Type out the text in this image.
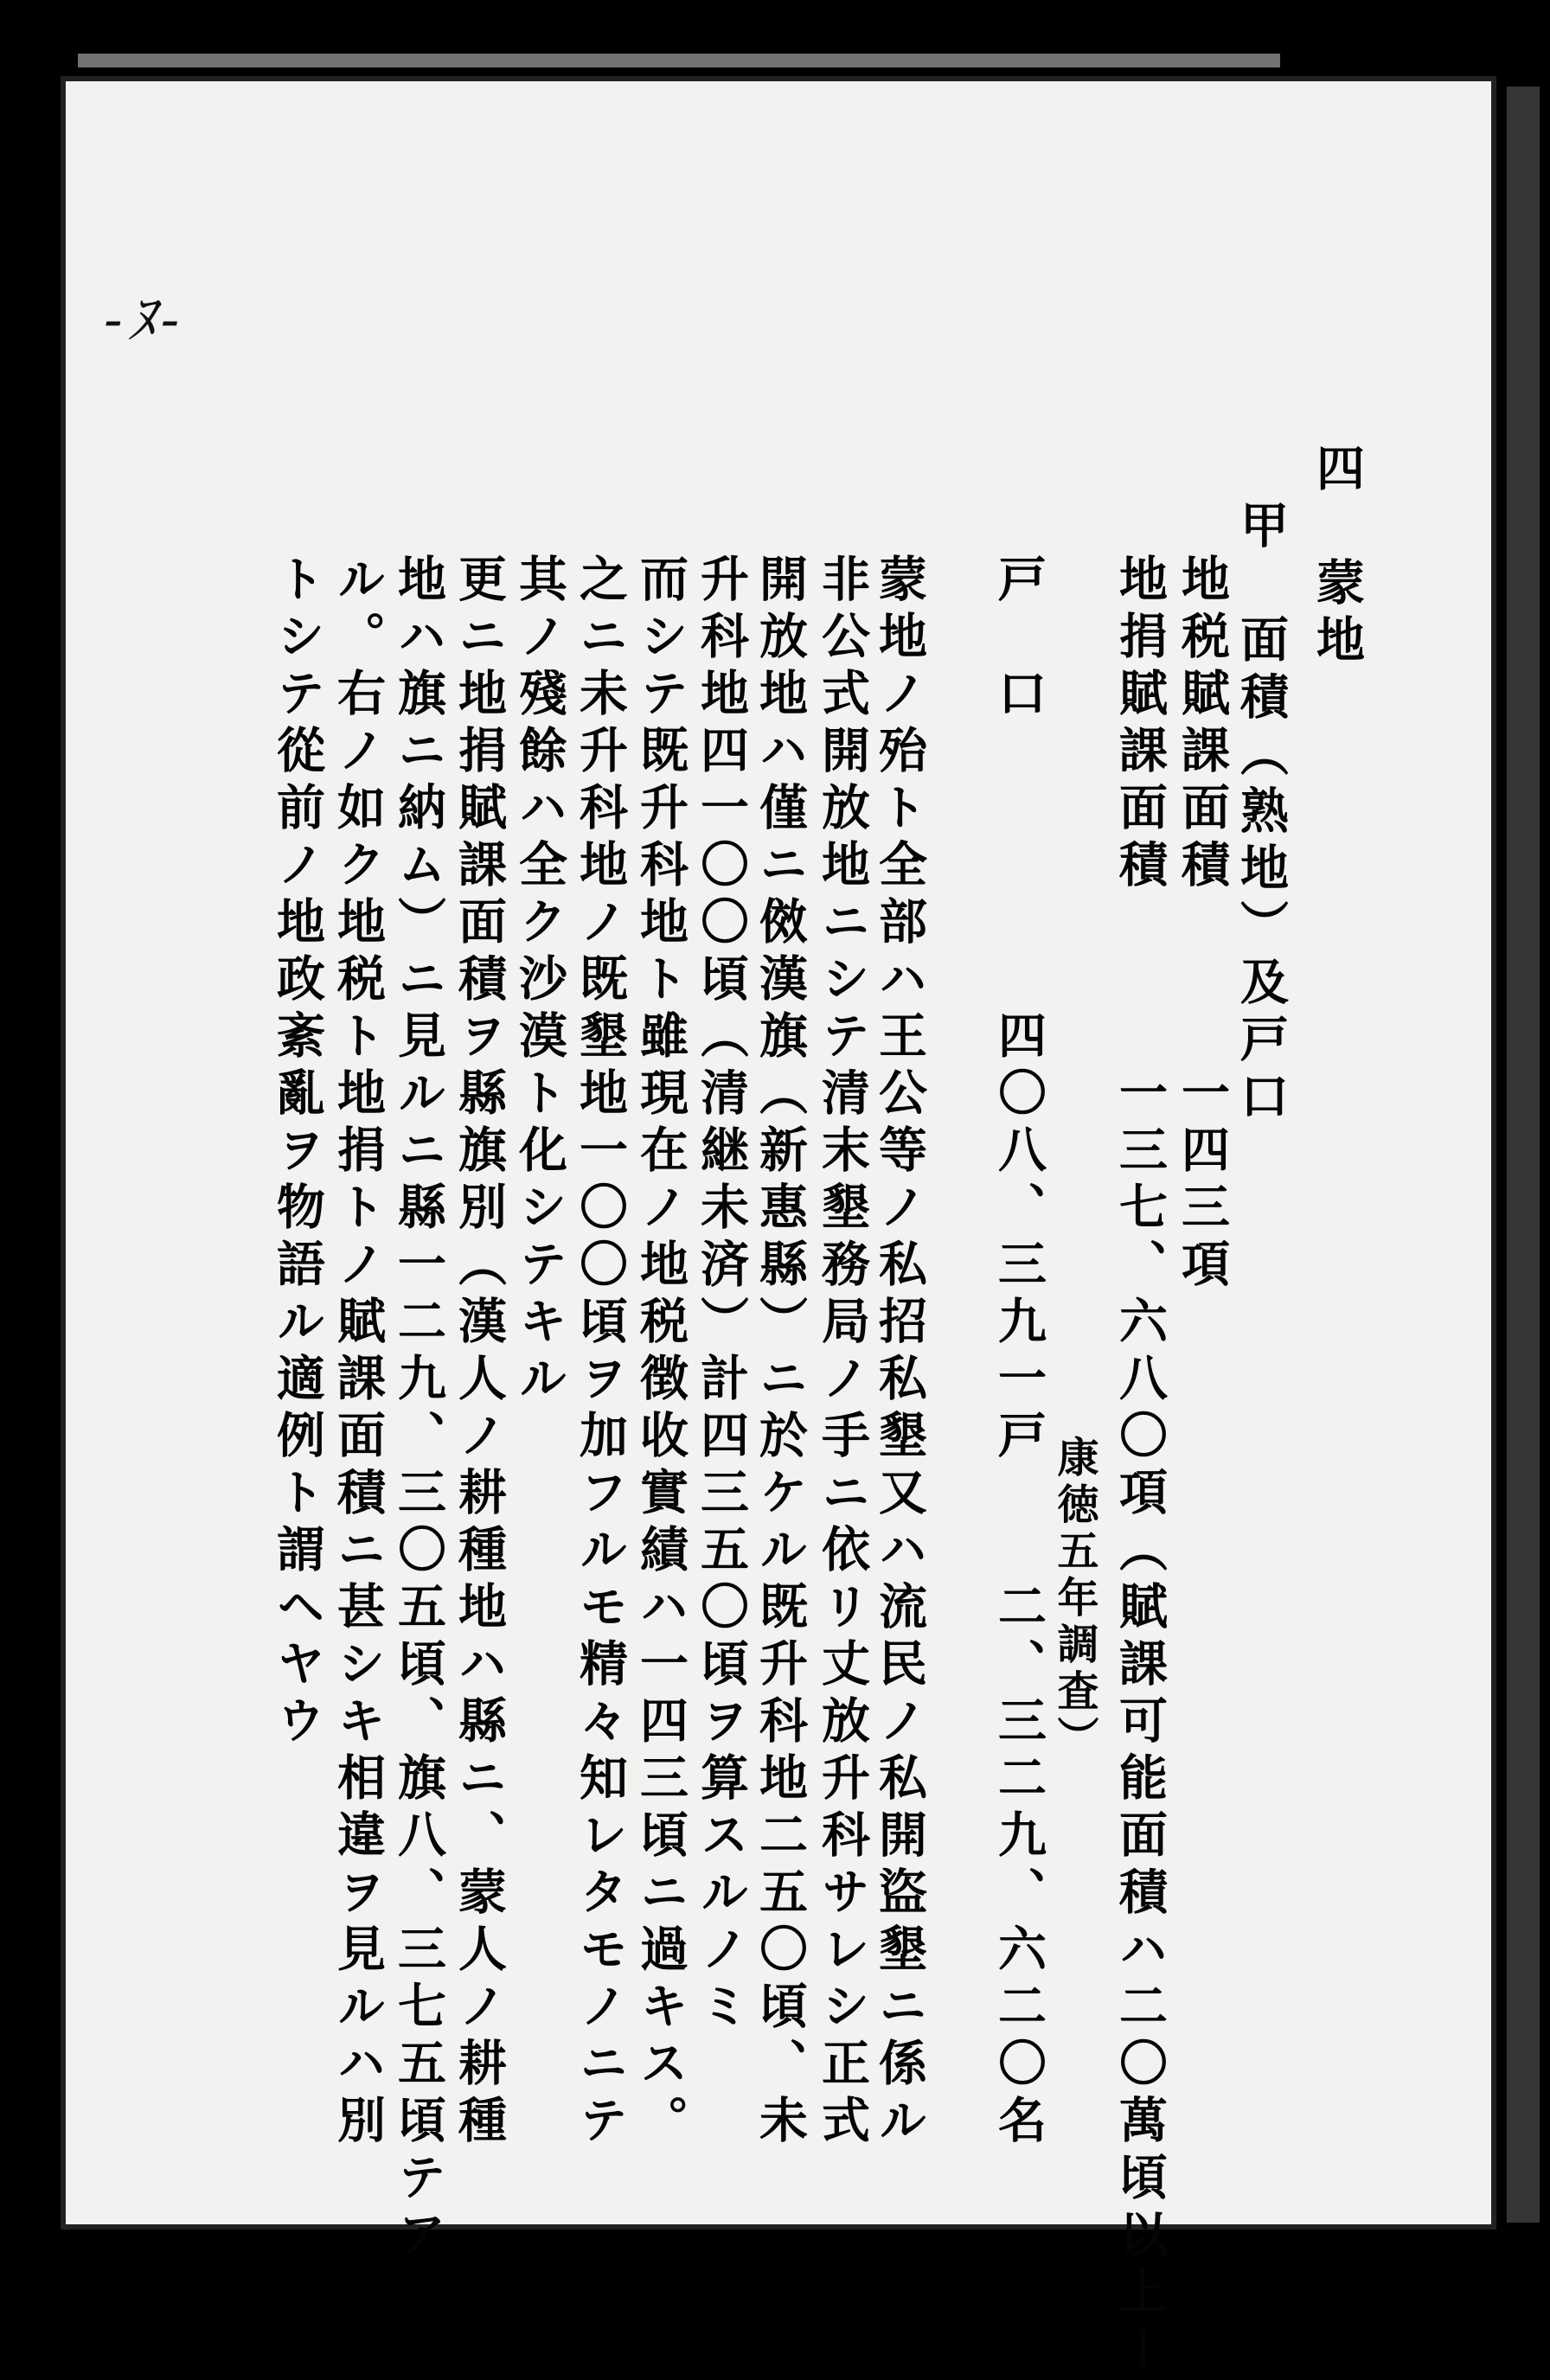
-ﾇ-
四　蒙地
甲　面積（熟地）及戸口
地税賦課面積　　　一四三項
地捐賦課面積　　　一三七、六八〇項（賦課可能面積ハ二〇萬頃以上ー
康徳五年調査）
戸　口　　　　　四〇八、三九一戸　　二、三二九、六二〇名
蒙地ノ殆ト全部ハ王公等ノ私招私墾又ハ流民ノ私開盜墾ニ係ル
非公式開放地ニシテ清末墾務局ノ手ニ依リ丈放升科サレシ正式
開放地ハ僅ニ傚漢旗（新惠縣）ニ於ケル既升科地二五〇頃、未
升科地四一〇〇頃（清継未済）計四三五〇頃ヲ算スルノミ
而シテ既升科地ト雖現在ノ地税徴收實績ハ一四三頃ニ過キス。
之ニ未升科地ノ既墾地一〇〇頃ヲ加フルモ精々知レタモノニテ
其ノ殘餘ハ全ク沙漠ト化シテキル
更ニ地捐賦課面積ヲ縣旗別（漢人ノ耕種地ハ縣ニ、蒙人ノ耕種
地ハ旗ニ納ム）ニ見ルニ縣一二九、三〇五頃、旗八、三七五頃テア
ル。右ノ如ク地税ト地捐トノ賦課面積ニ甚シキ相違ヲ見ルハ別
トシテ從前ノ地政紊亂ヲ物語ル適例ト謂ヘヤウ
